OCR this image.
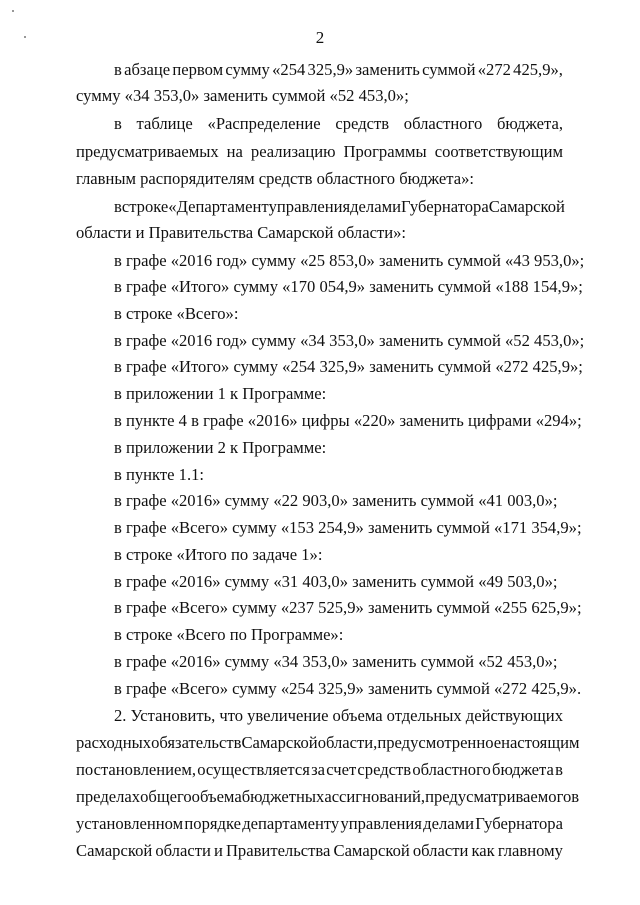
2
в абзаце первом сумму «254 325,9» заменить суммой «272 425,9»,
сумму «34 353,0» заменить суммой «52 453,0»;
в таблице «Распределение средств областного бюджета,
предусматриваемых на реализацию Программы соответствующим
главным распорядителям средств областного бюджета»:
в строке «Департамент управления делами Губернатора Самарской
области и Правительства Самарской области»:
в графе «2016 год» сумму «25 853,0» заменить суммой «43 953,0»;
в графе «Итого» сумму «170 054,9» заменить суммой «188 154,9»;
в строке «Всего»:
в графе «2016 год» сумму «34 353,0» заменить суммой «52 453,0»;
в графе «Итого» сумму «254 325,9» заменить суммой «272 425,9»;
в приложении 1 к Программе:
в пункте 4 в графе «2016» цифры «220» заменить цифрами «294»;
в приложении 2 к Программе:
в пункте 1.1:
в графе «2016» сумму «22 903,0» заменить суммой «41 003,0»;
в графе «Всего» сумму «153 254,9» заменить суммой «171 354,9»;
в строке «Итого по задаче 1»:
в графе «2016» сумму «31 403,0» заменить суммой «49 503,0»;
в графе «Всего» сумму «237 525,9» заменить суммой «255 625,9»;
в строке «Всего по Программе»:
в графе «2016» сумму «34 353,0» заменить суммой «52 453,0»;
в графе «Всего» сумму «254 325,9» заменить суммой «272 425,9».
2. Установить, что увеличение объема отдельных действующих
расходных обязательств Самарской области, предусмотренное настоящим
постановлением, осуществляется за счет средств областного бюджета в
пределах общего объема бюджетных ассигнований, предусматриваемого в
установленном порядке департаменту управления делами Губернатора
Самарской области и Правительства Самарской области как главному
